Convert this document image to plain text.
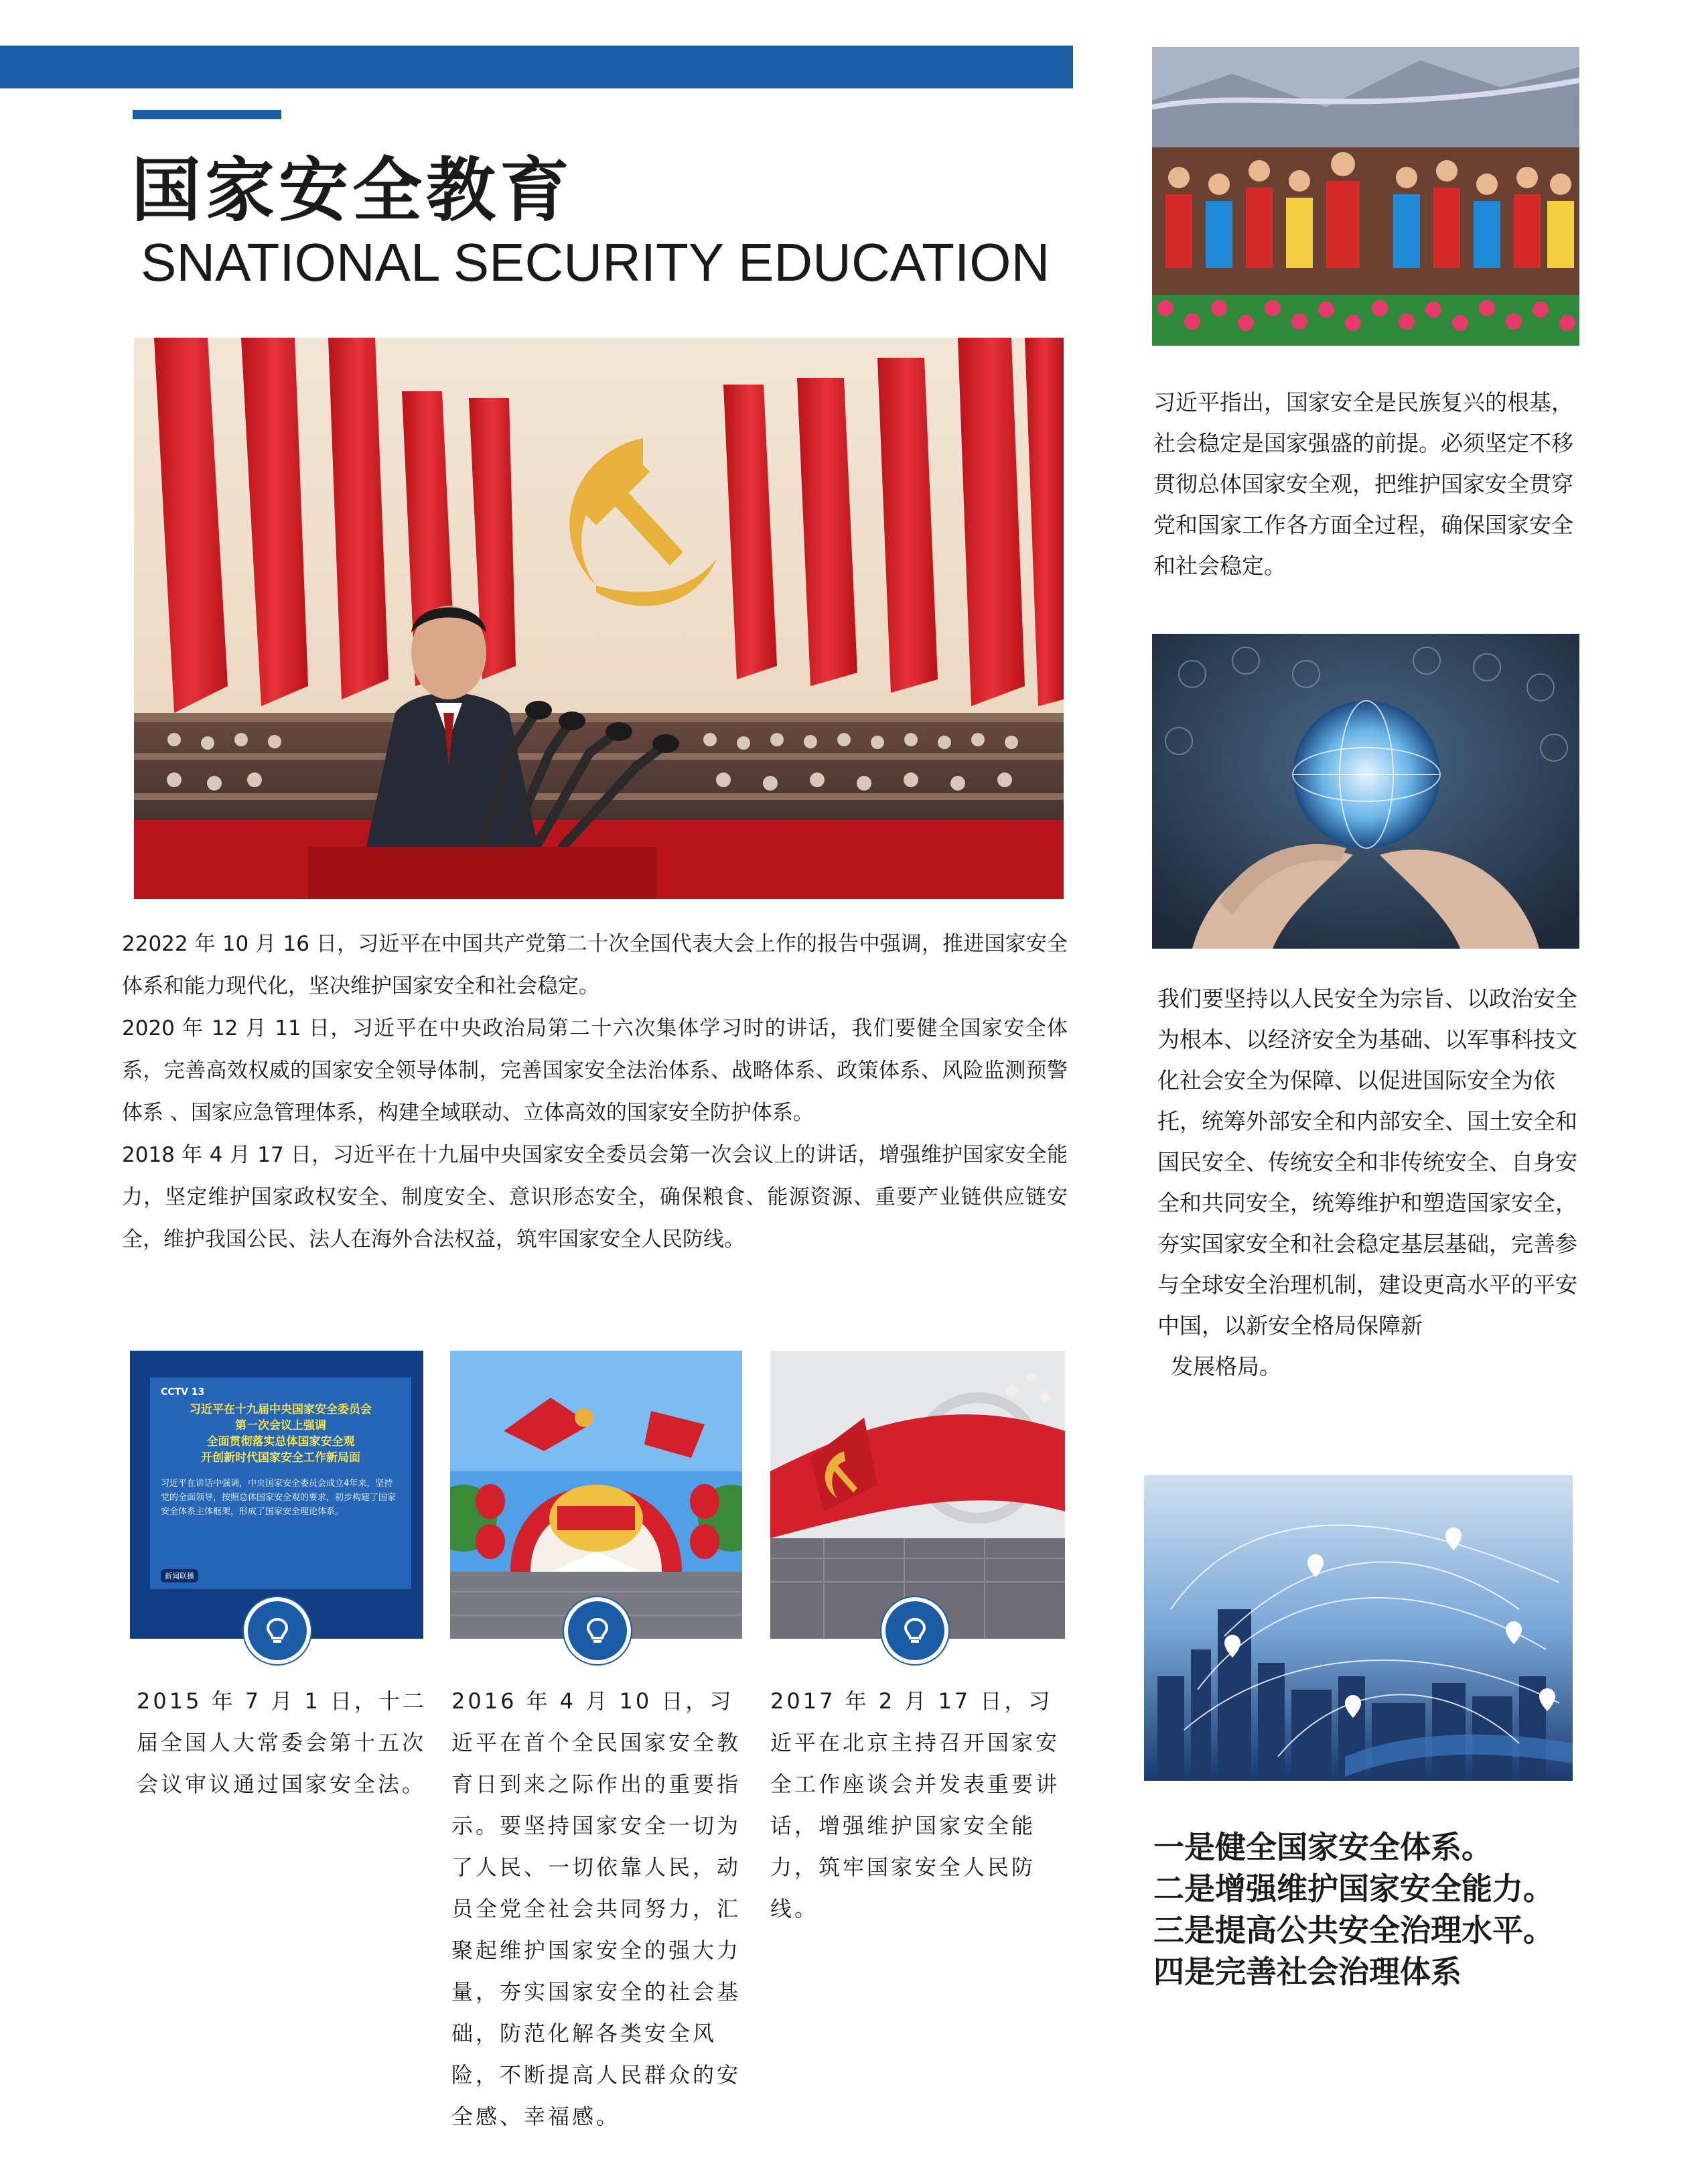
国家安全教育
SNATIONAL SECURITY EDUCATION

22022 年 10 月 16 日，习近平在中国共产党第二十次全国代表大会上作的报告中强调，推进国家安全体系和能力现代化，坚决维护国家安全和社会稳定。

2020 年 12 月 11 日，习近平在中央政治局第二十六次集体学习时的讲话，我们要健全国家安全体系，完善高效权威的国家安全领导体制，完善国家安全法治体系、战略体系、政策体系、风险监测预警体系 、国家应急管理体系，构建全域联动、立体高效的国家安全防护体系。

2018 年 4 月 17 日，习近平在十九届中央国家安全委员会第一次会议上的讲话，增强维护国家安全能力，坚定维护国家政权安全、制度安全、意识形态安全，确保粮食、能源资源、重要产业链供应链安全，维护我国公民、法人在海外合法权益，筑牢国家安全人民防线。

CCTV 13
习近平在十九届中央国家安全委员会
第一次会议上强调
全面贯彻落实总体国家安全观
开创新时代国家安全工作新局面
习近平在讲话中强调，中央国家安全委员会成立4年来，坚持党的全面领导，按照总体国家安全观的要求，初步构建了国家安全体系主体框架，形成了国家安全理论体系。
新闻联播
2015 年 7 月 1 日，十二届全国人大常委会第十五次会议审议通过国家安全法。
2016 年 4 月 10 日，习近平在首个全民国家安全教育日到来之际作出的重要指示。要坚持国家安全一切为了人民、一切依靠人民，动员全党全社会共同努力，汇聚起维护国家安全的强大力量，夯实国家安全的社会基础，防范化解各类安全风险，不断提高人民群众的安全感、幸福感。
2017 年 2 月 17 日，习近平在北京主持召开国家安全工作座谈会并发表重要讲话，增强维护国家安全能力，筑牢国家安全人民防线。
习近平指出，国家安全是民族复兴的根基，社会稳定是国家强盛的前提。必须坚定不移贯彻总体国家安全观，把维护国家安全贯穿党和国家工作各方面全过程，确保国家安全和社会稳定。

我们要坚持以人民安全为宗旨、以政治安全为根本、以经济安全为基础、以军事科技文化社会安全为保障、以促进国际安全为依托，统筹外部安全和内部安全、国土安全和国民安全、传统安全和非传统安全、自身安全和共同安全，统筹维护和塑造国家安全，夯实国家安全和社会稳定基层基础，完善参与全球安全治理机制，建设更高水平的平安中国，以新安全格局保障新

发展格局。

一是健全国家安全体系。

二是增强维护国家安全能力。

三是提高公共安全治理水平。

四是完善社会治理体系
